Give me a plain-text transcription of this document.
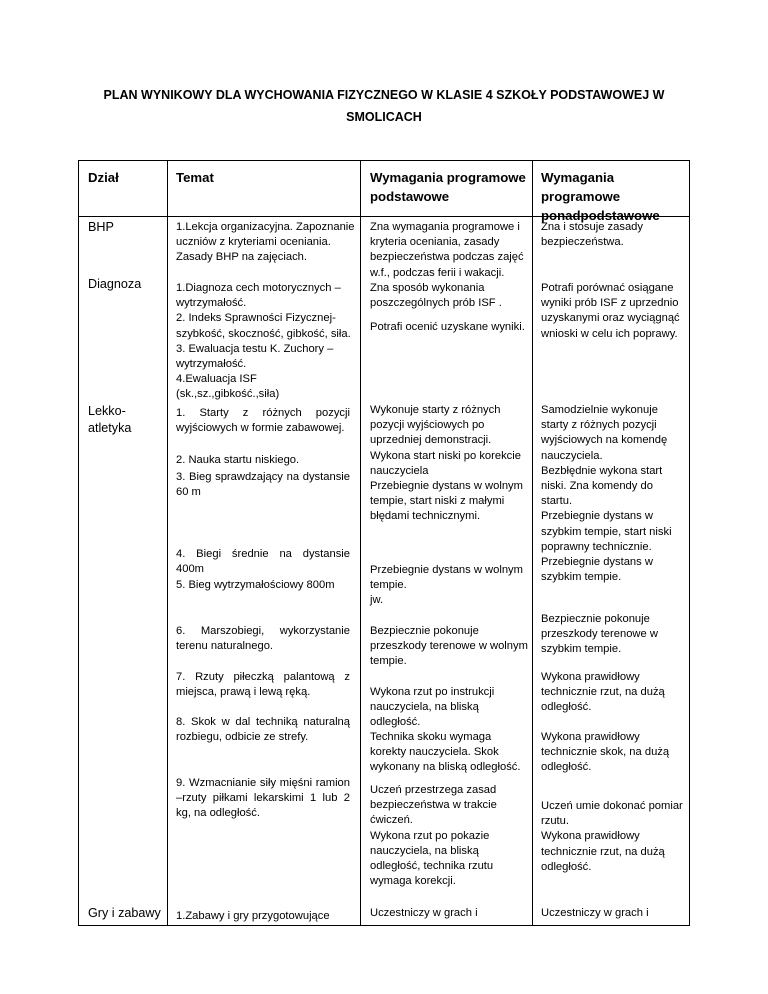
PLAN WYNIKOWY DLA WYCHOWANIA FIZYCZNEGO W KLASIE 4 SZKOŁY PODSTAWOWEJ W
SMOLICACH
Dział	Temat	Wymagania programowe podstawowe
Wymagania programowe ponadpodstawowe
BHP
Diagnoza
Lekko-atletyka
Gry i zabawy
1.Lekcja organizacyjna. Zapoznanie uczniów z kryteriami oceniania. Zasady BHP na zajęciach.
1.Diagnoza cech motorycznych – wytrzymałość.
2. Indeks Sprawności Fizycznej- szybkość, skoczność, gibkość, siła.
3. Ewaluacja testu K. Zuchory – wytrzymałość.
4.Ewaluacja ISF (sk.,sz.,gibkość.,siła)
1. Starty z różnych pozycji wyjściowych w formie zabawowej.
2. Nauka startu niskiego.
3. Bieg sprawdzający na dystansie 60 m
4. Biegi średnie na dystansie 400m
5. Bieg wytrzymałościowy 800m
6. Marszobiegi, wykorzystanie terenu naturalnego.
7. Rzuty piłeczką palantową z miejsca, prawą i lewą ręką.
8. Skok w dal techniką naturalną rozbiegu, odbicie ze strefy.
9. Wzmacnianie siły mięśni ramion –rzuty piłkami lekarskimi 1 lub 2 kg, na odległość.
1.Zabawy i gry przygotowujące
Zna wymagania programowe i kryteria oceniania, zasady bezpieczeństwa podczas zajęć w.f., podczas ferii i wakacji.
Zna sposób wykonania poszczególnych prób ISF .
Potrafi ocenić uzyskane wyniki.
Wykonuje starty z różnych pozycji wyjściowych po uprzedniej demonstracji.
Wykona start niski po korekcie nauczyciela
Przebiegnie dystans w wolnym tempie, start niski z małymi błędami technicznymi.
Przebiegnie dystans w wolnym tempie.
jw.
Bezpiecznie pokonuje przeszkody terenowe w wolnym tempie.
Wykona rzut po instrukcji nauczyciela, na bliską odległość.
Technika skoku wymaga korekty nauczyciela. Skok wykonany na bliską odległość.
Uczeń przestrzega zasad bezpieczeństwa w trakcie ćwiczeń.
Wykona rzut po pokazie nauczyciela, na bliską odległość, technika rzutu wymaga korekcji.
Uczestniczy w grach i
Zna i stosuje zasady bezpieczeństwa.
Potrafi porównać osiągane wyniki prób ISF z uprzednio uzyskanymi oraz wyciągnąć wnioski w celu ich poprawy.
Samodzielnie wykonuje starty z różnych pozycji wyjściowych na komendę nauczyciela.
Bezbłędnie wykona start niski. Zna komendy do startu.
Przebiegnie dystans w szybkim tempie, start niski poprawny technicznie.
Przebiegnie dystans w szybkim tempie.
Bezpiecznie pokonuje przeszkody terenowe w szybkim tempie.
Wykona prawidłowy technicznie rzut, na dużą odległość.
Wykona prawidłowy technicznie skok, na dużą odległość.
Uczeń umie dokonać pomiar rzutu.
Wykona prawidłowy technicznie rzut, na dużą odległość.
Uczestniczy w grach i
